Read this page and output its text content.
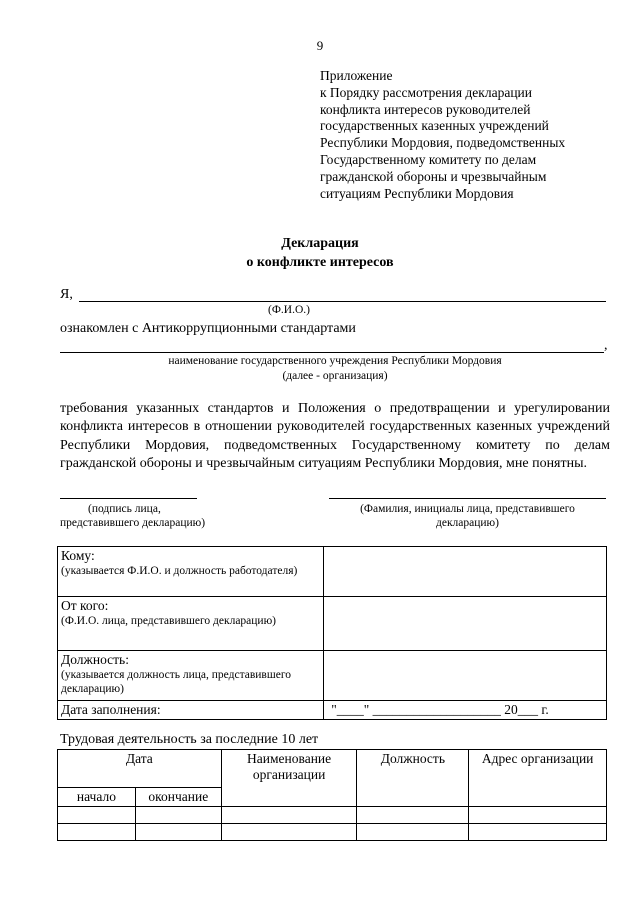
9
Приложение
к Порядку рассмотрения декларации
конфликта интересов руководителей
государственных казенных учреждений
Республики Мордовия, подведомственных
Государственному комитету по делам
гражданской обороны и чрезвычайным
ситуациям Республики Мордовия
Декларация
о конфликте интересов
Я,
(Ф.И.О.)
ознакомлен с Антикоррупционными стандартами
,
наименование государственного учреждения Республики Мордовия
(далее - организация)
требования указанных стандартов и Положения о предотвращении и урегулировании конфликта интересов в отношении руководителей государственных казенных учреждений Республики Мордовия, подведомственных Государственному комитету по делам гражданской обороны и чрезвычайным ситуациям Республики Мордовия, мне понятны.
(подпись лица,
представившего декларацию)
(Фамилия, инициалы лица, представившего
декларацию)
Кому:
(указывается Ф.И.О. и должность работодателя)	

От кого:
(Ф.И.О. лица, представившего декларацию)	

Должность:
(указывается должность лица, представившего декларацию)	

Дата заполнения:	"____" ___________________ 20___ г.
Трудовая деятельность за последние 10 лет
Дата		Наименование организации	Должность	Адрес организации
начало	окончание			
